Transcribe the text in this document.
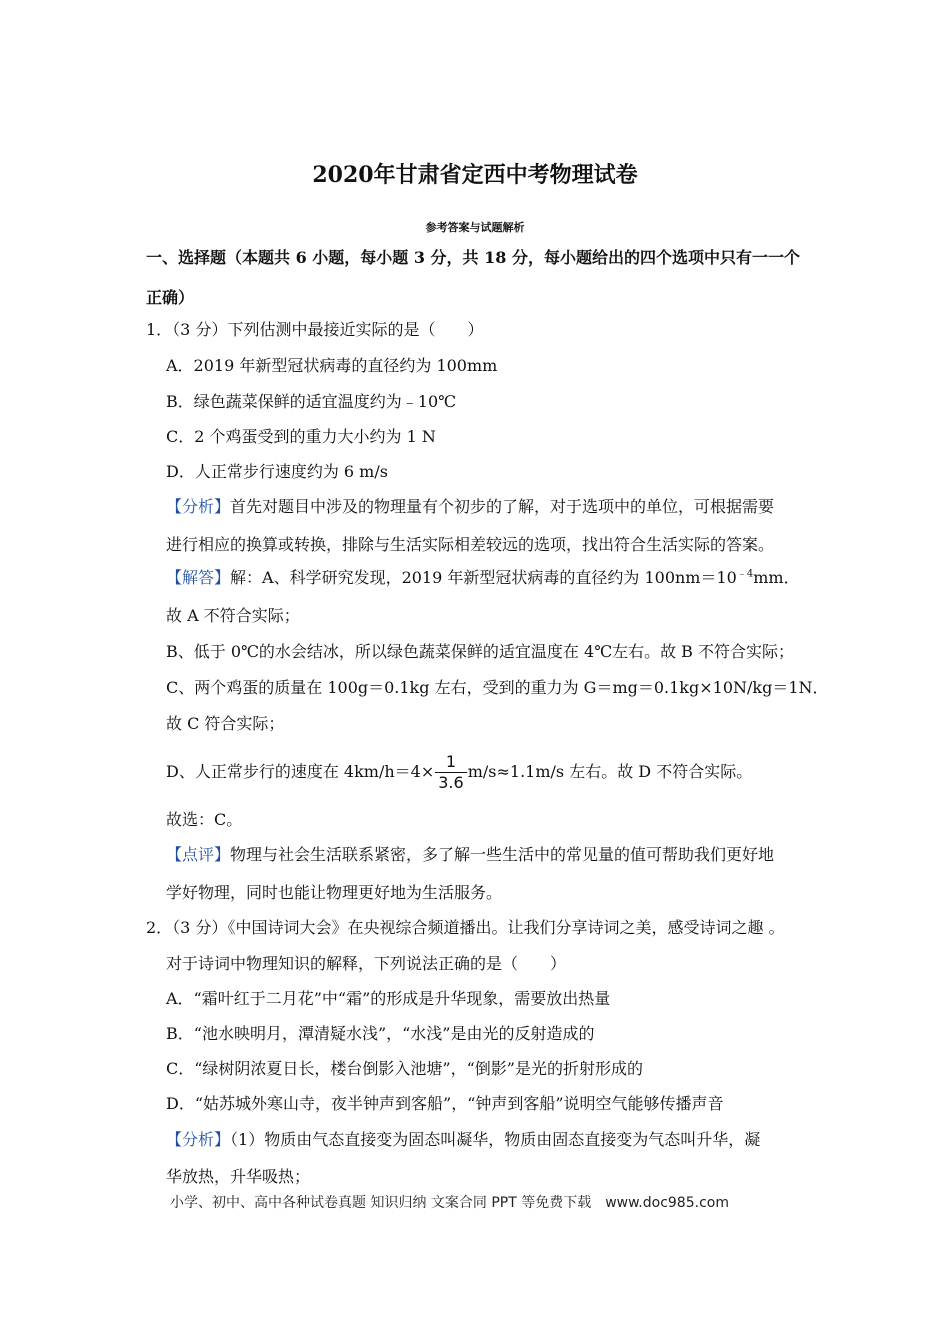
2020年甘肃省定西中考物理试卷
参考答案与试题解析
一、选择题（本题共 6 小题，每小题 3 分，共 18 分，每小题给出的四个选项中只有一一个
正确）
1．（3 分）下列估测中最接近实际的是（　　）
A．2019 年新型冠状病毒的直径约为 100mm
B．绿色蔬菜保鲜的适宜温度约为﹣10℃
C．2 个鸡蛋受到的重力大小约为 1 N
D．人正常步行速度约为 6 m/s
【分析】首先对题目中涉及的物理量有个初步的了解，对于选项中的单位，可根据需要
进行相应的换算或转换，排除与生活实际相差较远的选项，找出符合生活实际的答案。
【解答】解：A、科学研究发现，2019 年新型冠状病毒的直径约为 $100nm=10^{﹣4}mm$．
故 A 不符合实际；
B、低于 0℃的水会结冰，所以绿色蔬菜保鲜的适宜温度在 4℃左右。故 B 不符合实际；
C、两个鸡蛋的质量在 100g＝0.1kg 左右，受到的重力为 G＝mg＝0.1kg×10N/kg＝1N．
故 C 符合实际；
D、人正常步行的速度在 $4km/h=4\times \frac{1}{3.6} m/s\approx 1.1m/s$ 左右。故 D 不符合实际。
故选：C。
【点评】物理与社会生活联系紧密，多了解一些生活中的常见量的值可帮助我们更好地
学好物理，同时也能让物理更好地为生活服务。
2．（3 分）《中国诗词大会》在央视综合频道播出。让我们分享诗词之美，感受诗词之趣 。
对于诗词中物理知识的解释，下列说法正确的是（　　）
A．“霜叶红于二月花”中“霜”的形成是升华现象，需要放出热量
B．“池水映明月，潭清疑水浅”，“水浅”是由光的反射造成的
C．“绿树阴浓夏日长，楼台倒影入池塘”，“倒影”是光的折射形成的
D．“姑苏城外寒山寺，夜半钟声到客船”，“钟声到客船”说明空气能够传播声音
【分析】（1）物质由气态直接变为固态叫凝华，物质由固态直接变为气态叫升华，凝
华放热，升华吸热；
小学、初中、高中各种试卷真题 知识归纳 文案合同 PPT 等免费下载　www.doc985.com
